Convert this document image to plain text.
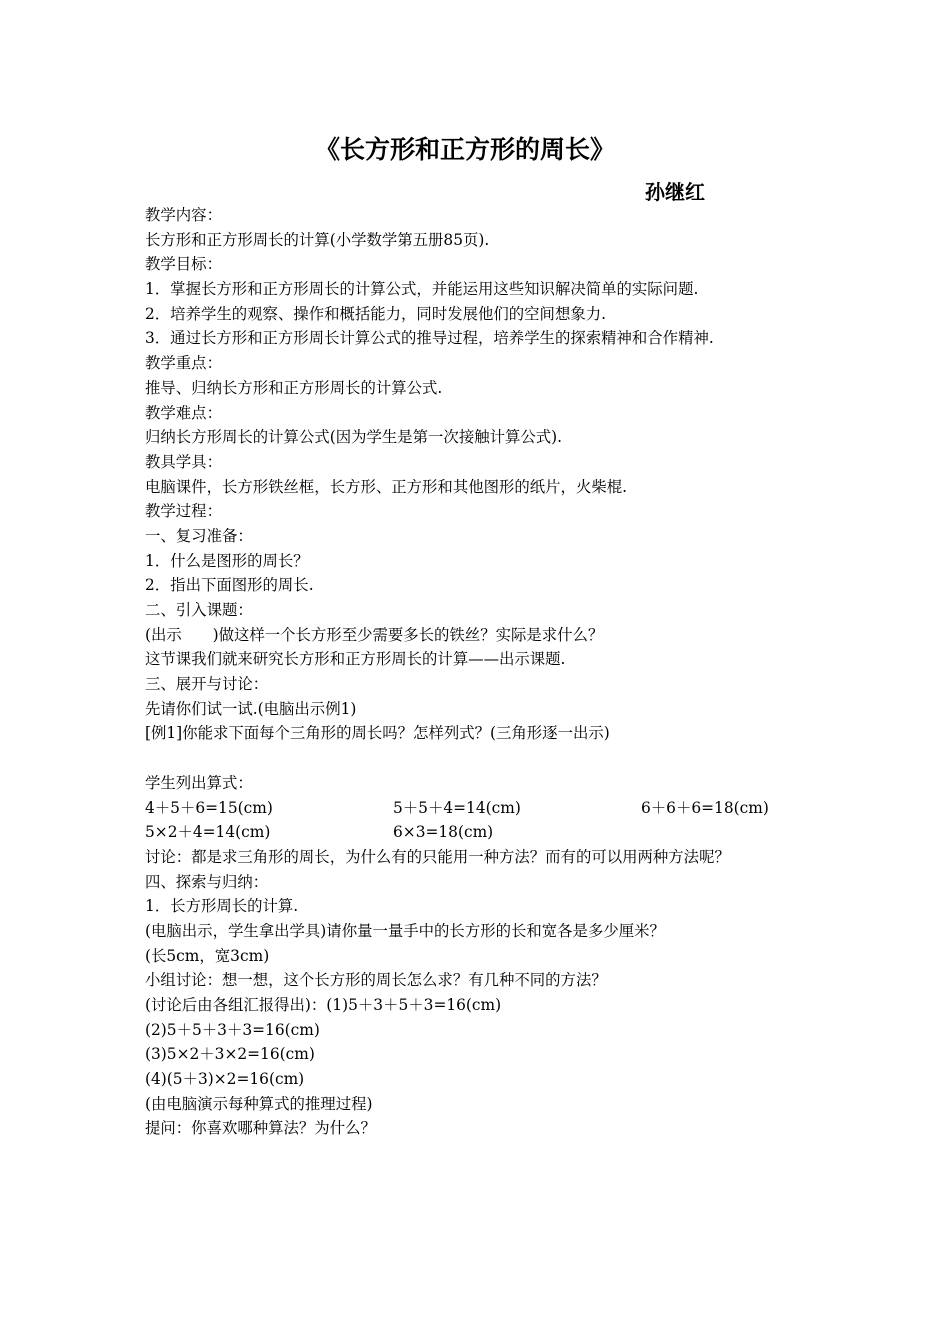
《长方形和正方形的周长》
孙继红
教学内容：
长方形和正方形周长的计算(小学数学第五册85页).
教学目标：
1．掌握长方形和正方形周长的计算公式，并能运用这些知识解决简单的实际问题.
2．培养学生的观察、操作和概括能力，同时发展他们的空间想象力.
3．通过长方形和正方形周长计算公式的推导过程，培养学生的探索精神和合作精神.
教学重点：
推导、归纳长方形和正方形周长的计算公式.
教学难点：
归纳长方形周长的计算公式(因为学生是第一次接触计算公式).
教具学具：
电脑课件，长方形铁丝框，长方形、正方形和其他图形的纸片，火柴棍.
教学过程：
一、复习准备：
1．什么是图形的周长？
2．指出下面图形的周长.
二、引入课题：
(出示　　)做这样一个长方形至少需要多长的铁丝？实际是求什么？
这节课我们就来研究长方形和正方形周长的计算——出示课题.
三、展开与讨论：
先请你们试一试.(电脑出示例1)
[例1]你能求下面每个三角形的周长吗？怎样列式？(三角形逐一出示)
学生列出算式：
4＋5＋6=15(cm)	5＋5＋4=14(cm)	6＋6＋6=18(cm)
5×2＋4=14(cm)	6×3=18(cm)
讨论：都是求三角形的周长，为什么有的只能用一种方法？而有的可以用两种方法呢？
四、探索与归纳：
1．长方形周长的计算.
(电脑出示，学生拿出学具)请你量一量手中的长方形的长和宽各是多少厘米？
(长5cm，宽3cm)
小组讨论：想一想，这个长方形的周长怎么求？有几种不同的方法？
(讨论后由各组汇报得出)：(1)5＋3＋5＋3=16(cm)
(2)5＋5＋3＋3=16(cm)
(3)5×2＋3×2=16(cm)
(4)(5＋3)×2=16(cm)
(由电脑演示每种算式的推理过程)
提问：你喜欢哪种算法？为什么？
